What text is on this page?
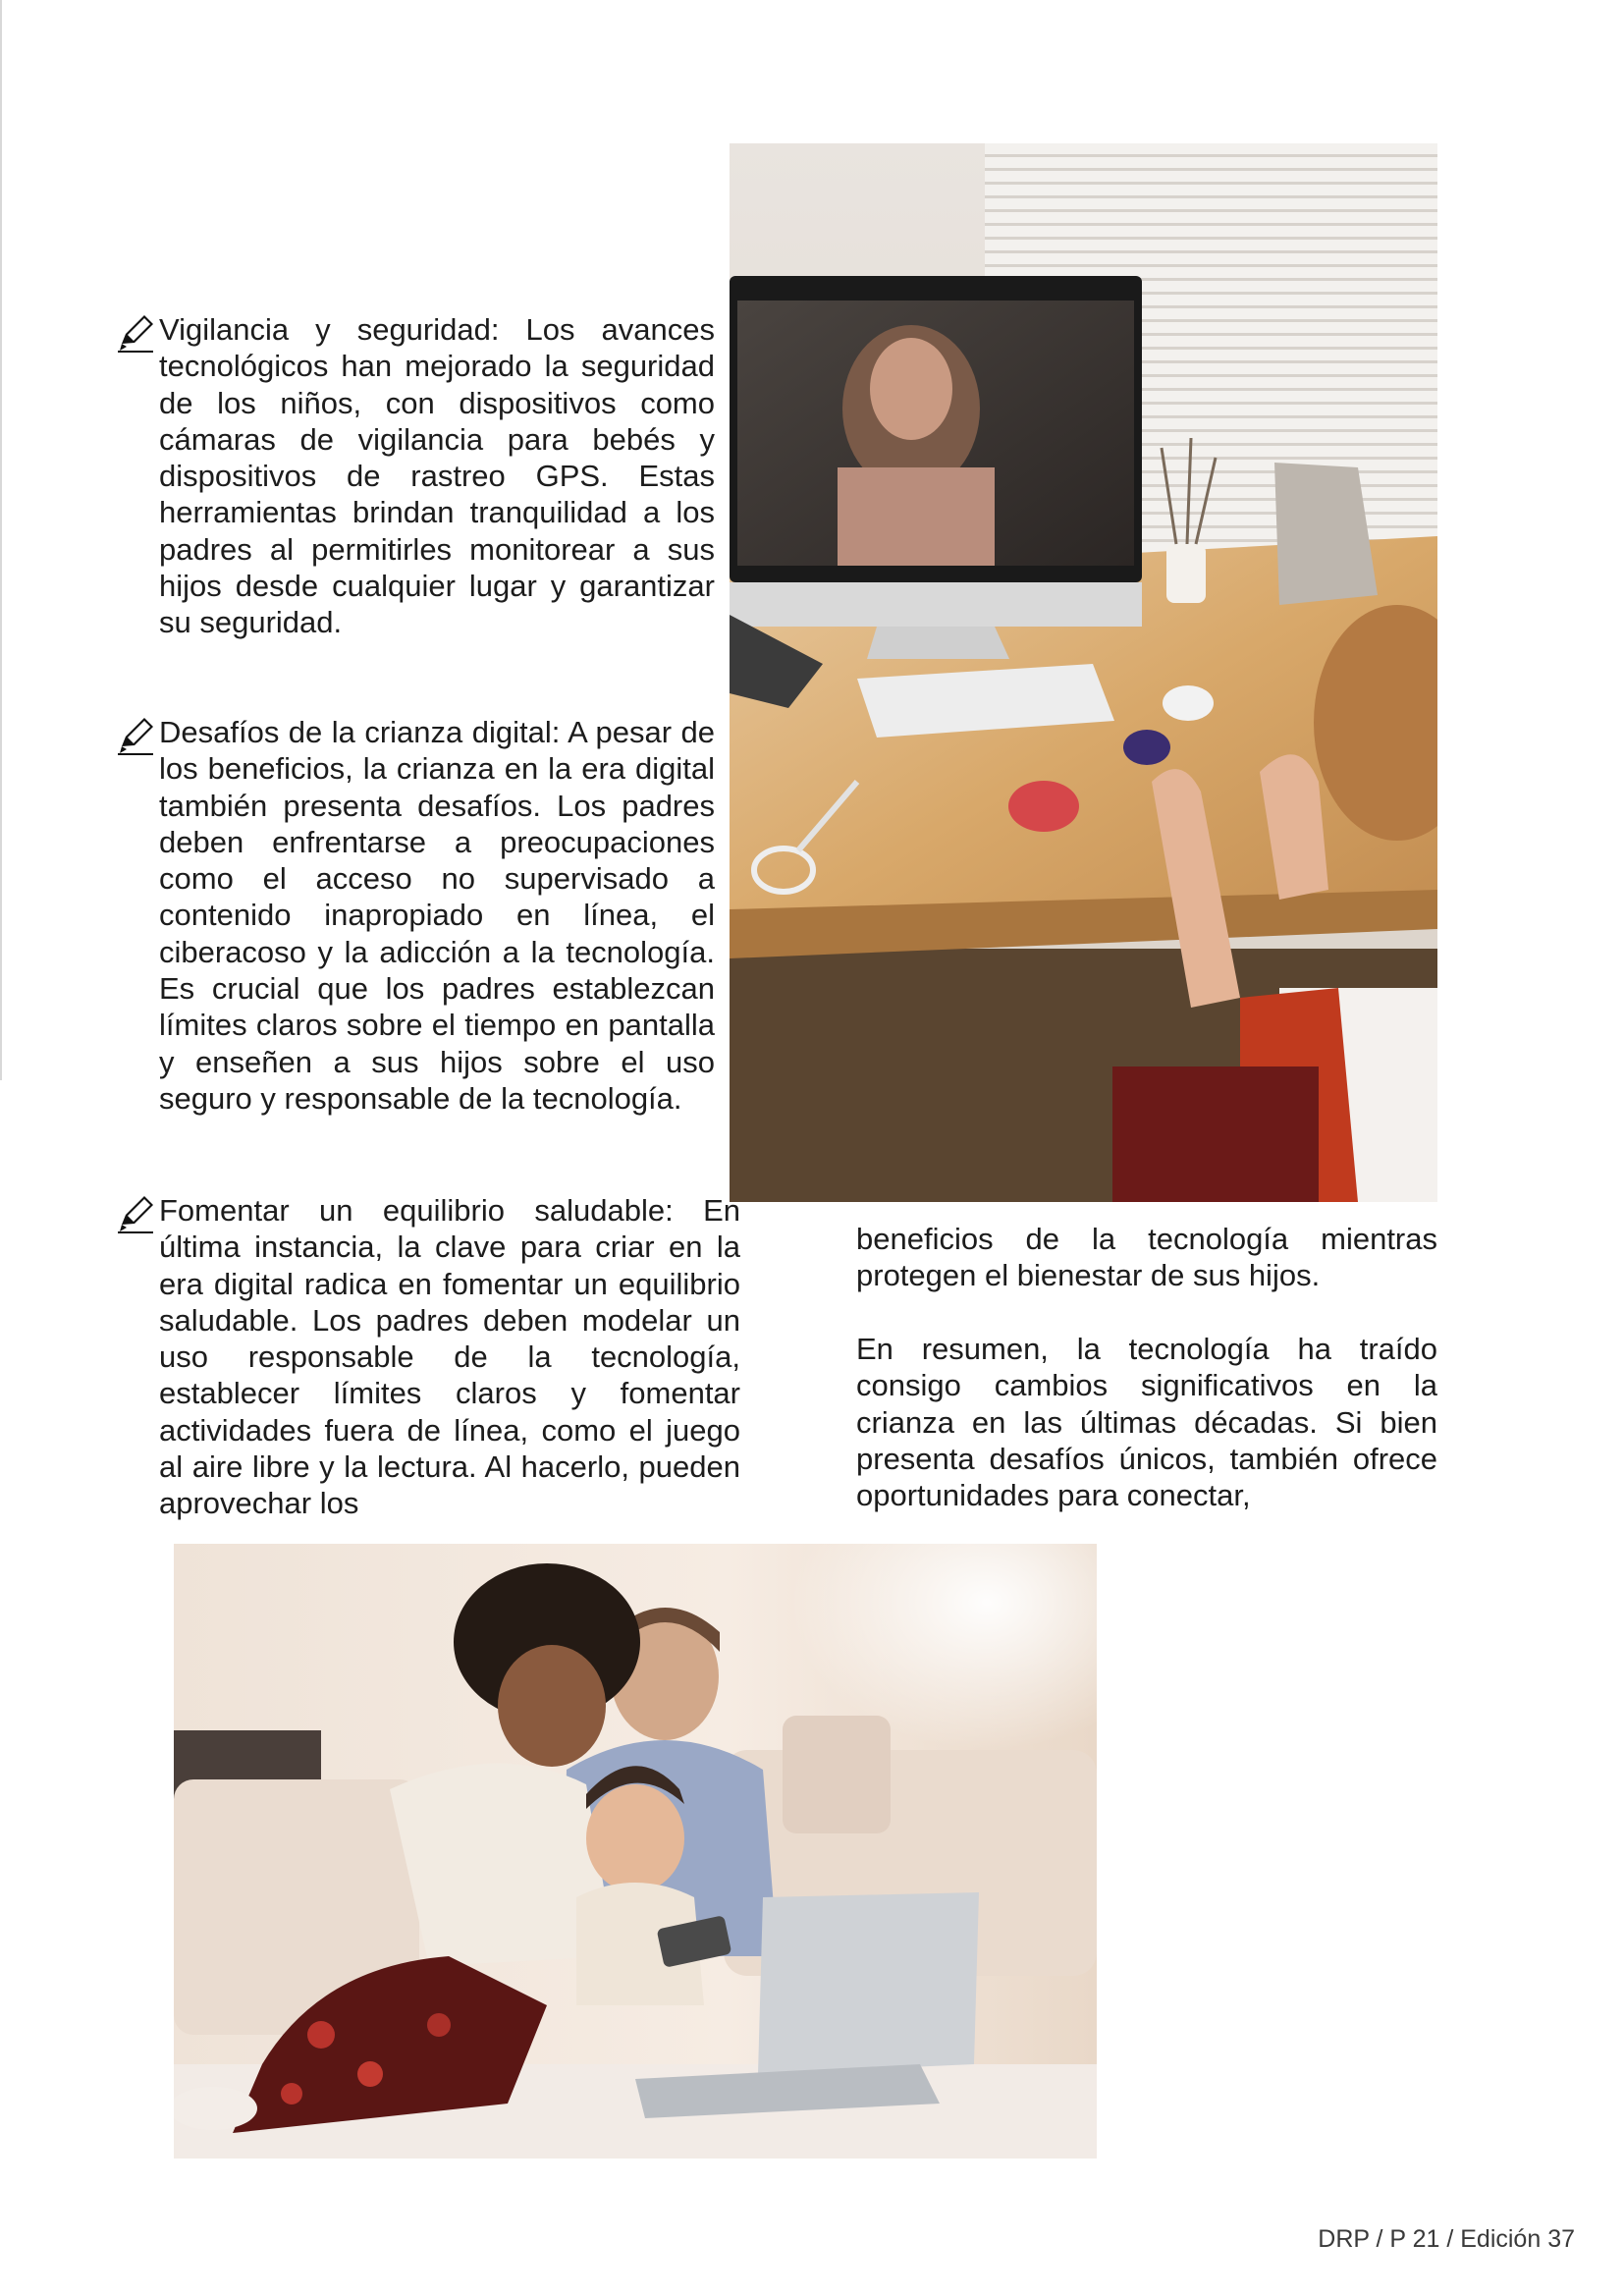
Vigilancia y seguridad: Los avances tecnológicos han mejorado la seguridad de los niños, con dispositivos como cámaras de vigilancia para bebés y dispositivos de rastreo GPS. Estas herramientas brindan tranquilidad a los padres al permitirles monitorear a sus hijos desde cualquier lugar y garantizar su seguridad.

Desafíos de la crianza digital: A pesar de los beneficios, la crianza en la era digital también presenta desafíos. Los padres deben enfrentarse a preocupaciones como el acceso no supervisado a contenido inapropiado en línea, el ciberacoso y la adicción a la tecnología. Es crucial que los padres establezcan límites claros sobre el tiempo en pantalla y enseñen a sus hijos sobre el uso seguro y responsable de la tecnología.

Fomentar un equilibrio saludable: En última instancia, la clave para criar en la era digital radica en fomentar un equilibrio saludable. Los padres deben modelar un uso responsable de la tecnología, establecer límites claros y fomentar actividades fuera de línea, como el juego al aire libre y la lectura. Al hacerlo, pueden aprovechar los

beneficios de la tecnología mientras protegen el bienestar de sus hijos.

En resumen, la tecnología ha traído consigo cambios significativos en la crianza en las últimas décadas. Si bien presenta desafíos únicos, también ofrece oportunidades para conectar,

DRP / P 21 / Edición 37
